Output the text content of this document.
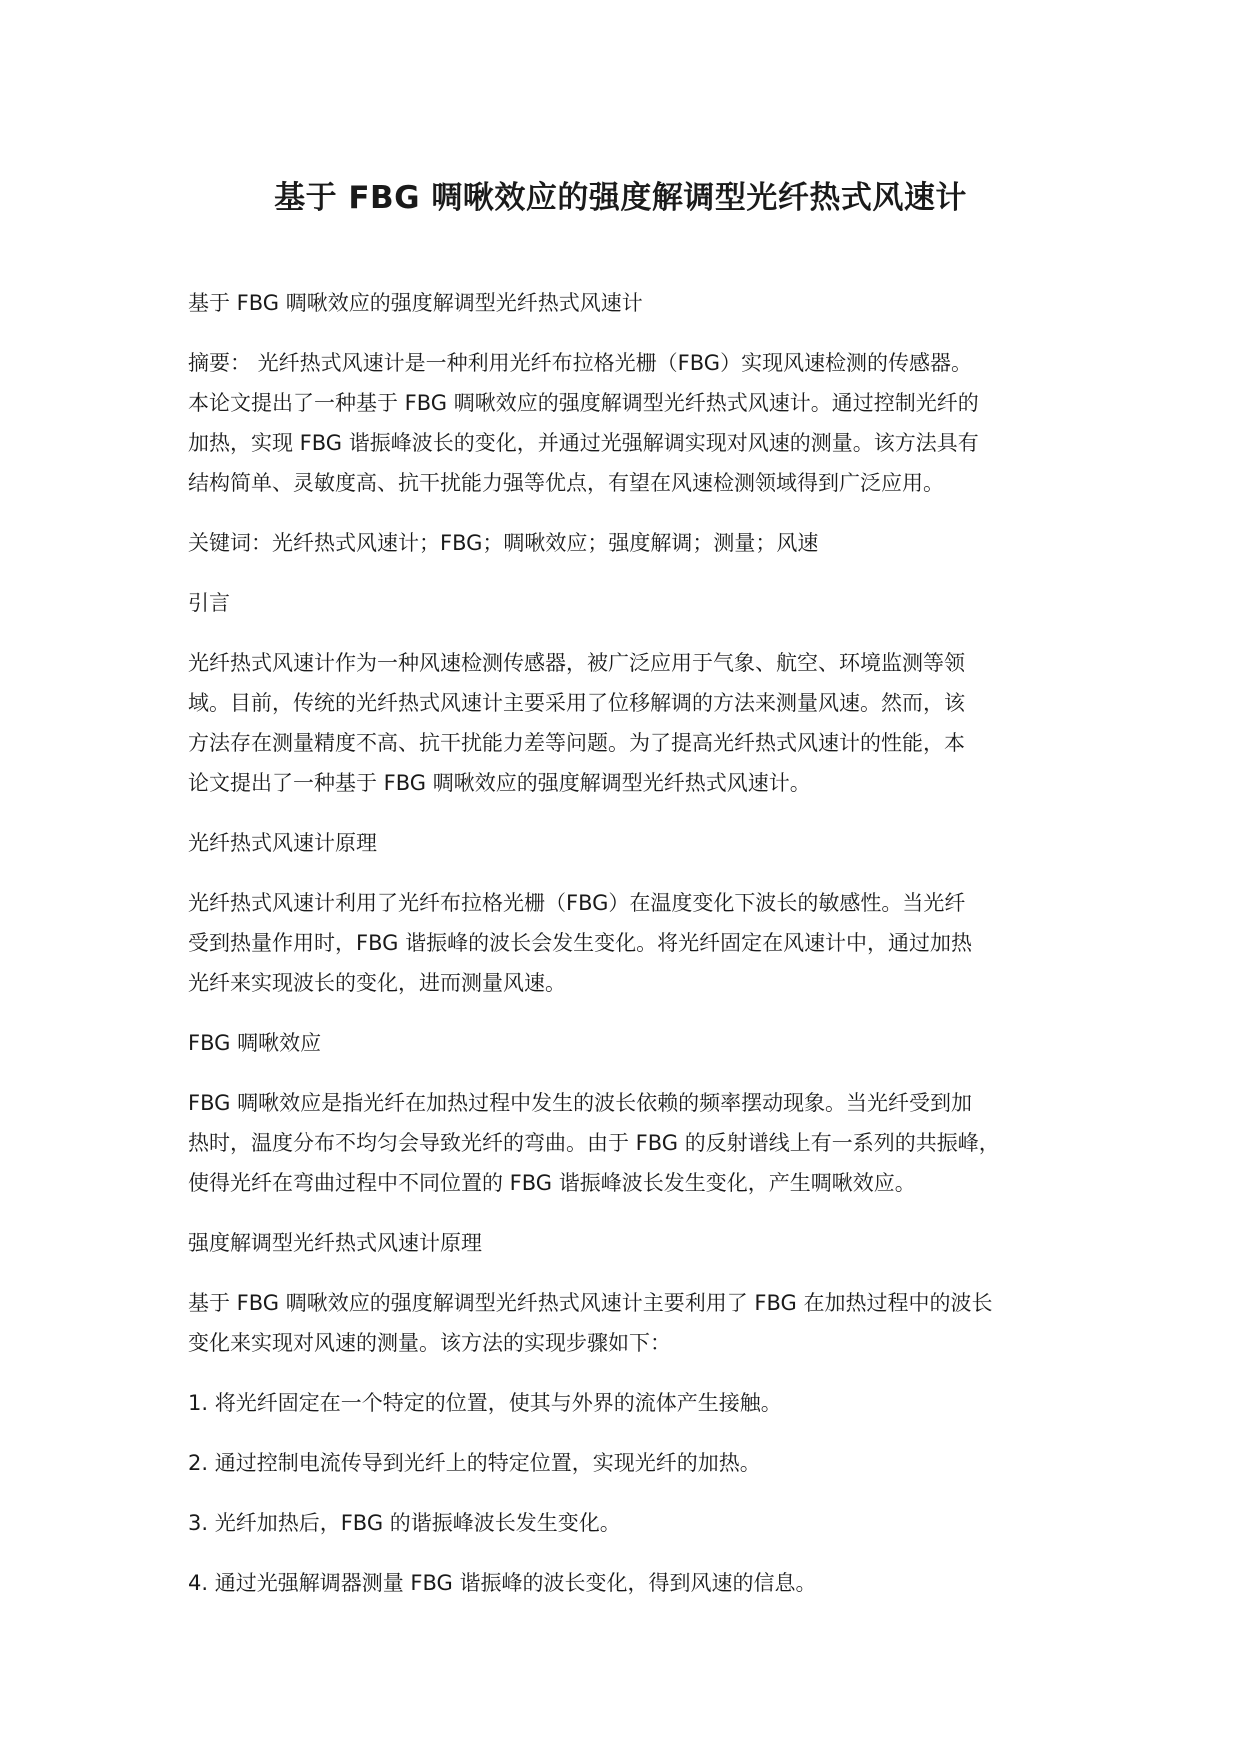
基于 FBG 啁啾效应的强度解调型光纤热式风速计

基于 FBG 啁啾效应的强度解调型光纤热式风速计

摘要： 光纤热式风速计是一种利用光纤布拉格光栅（FBG）实现风速检测的传感器。
本论文提出了一种基于 FBG 啁啾效应的强度解调型光纤热式风速计。通过控制光纤的
加热，实现 FBG 谐振峰波长的变化，并通过光强解调实现对风速的测量。该方法具有
结构简单、灵敏度高、抗干扰能力强等优点，有望在风速检测领域得到广泛应用。

关键词：光纤热式风速计；FBG；啁啾效应；强度解调；测量；风速

引言

光纤热式风速计作为一种风速检测传感器，被广泛应用于气象、航空、环境监测等领
域。目前，传统的光纤热式风速计主要采用了位移解调的方法来测量风速。然而，该
方法存在测量精度不高、抗干扰能力差等问题。为了提高光纤热式风速计的性能，本
论文提出了一种基于 FBG 啁啾效应的强度解调型光纤热式风速计。

光纤热式风速计原理

光纤热式风速计利用了光纤布拉格光栅（FBG）在温度变化下波长的敏感性。当光纤
受到热量作用时，FBG 谐振峰的波长会发生变化。将光纤固定在风速计中，通过加热
光纤来实现波长的变化，进而测量风速。

FBG 啁啾效应

FBG 啁啾效应是指光纤在加热过程中发生的波长依赖的频率摆动现象。当光纤受到加
热时，温度分布不均匀会导致光纤的弯曲。由于 FBG 的反射谱线上有一系列的共振峰，
使得光纤在弯曲过程中不同位置的 FBG 谐振峰波长发生变化，产生啁啾效应。

强度解调型光纤热式风速计原理

基于 FBG 啁啾效应的强度解调型光纤热式风速计主要利用了 FBG 在加热过程中的波长
变化来实现对风速的测量。该方法的实现步骤如下：

1. 将光纤固定在一个特定的位置，使其与外界的流体产生接触。

2. 通过控制电流传导到光纤上的特定位置，实现光纤的加热。

3. 光纤加热后，FBG 的谐振峰波长发生变化。

4. 通过光强解调器测量 FBG 谐振峰的波长变化，得到风速的信息。
